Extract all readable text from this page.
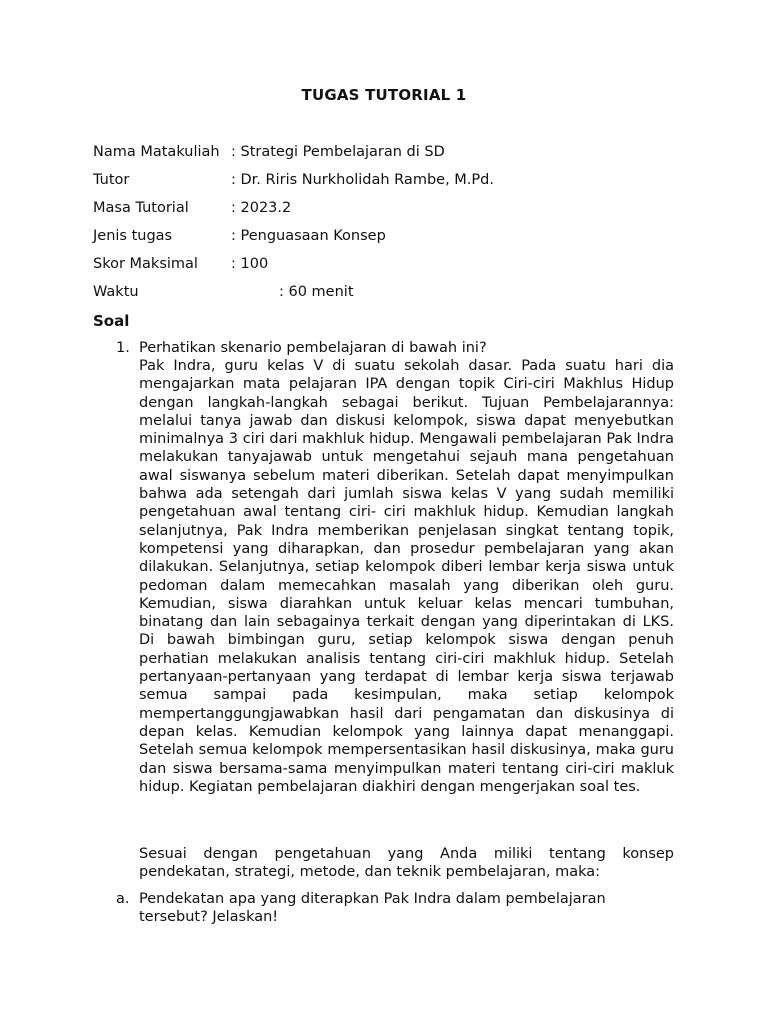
TUGAS TUTORIAL 1
Nama Matakuliah	: Strategi Pembelajaran di SD
Tutor	: Dr. Riris Nurkholidah Rambe, M.Pd.
Masa Tutorial	: 2023.2
Jenis tugas	: Penguasaan Konsep
Skor Maksimal	: 100
Waktu	: 60 menit
Soal
1. Perhatikan skenario pembelajaran di bawah ini?
Pak Indra, guru kelas V di suatu sekolah dasar. Pada suatu hari dia mengajarkan mata pelajaran IPA dengan topik Ciri-ciri Makhlus Hidup dengan langkah-langkah sebagai berikut. Tujuan Pembelajarannya: melalui tanya jawab dan diskusi kelompok, siswa dapat menyebutkan minimalnya 3 ciri dari makhluk hidup. Mengawali pembelajaran Pak Indra melakukan tanyajawab untuk mengetahui sejauh mana pengetahuan awal siswanya sebelum materi diberikan. Setelah dapat menyimpulkan bahwa ada setengah dari jumlah siswa kelas V yang sudah memiliki pengetahuan awal tentang ciri- ciri makhluk hidup. Kemudian langkah selanjutnya, Pak Indra memberikan penjelasan singkat tentang topik, kompetensi yang diharapkan, dan prosedur pembelajaran yang akan dilakukan. Selanjutnya, setiap kelompok diberi lembar kerja siswa untuk pedoman dalam memecahkan masalah yang diberikan oleh guru. Kemudian, siswa diarahkan untuk keluar kelas mencari tumbuhan, binatang dan lain sebagainya terkait dengan yang diperintakan di LKS. Di bawah bimbingan guru, setiap kelompok siswa dengan penuh perhatian melakukan analisis tentang ciri-ciri makhluk hidup. Setelah pertanyaan-pertanyaan yang terdapat di lembar kerja siswa terjawab semua sampai pada kesimpulan, maka setiap kelompok mempertanggungjawabkan hasil dari pengamatan dan diskusinya di depan kelas. Kemudian kelompok yang lainnya dapat menanggapi. Setelah semua kelompok mempersentasikan hasil diskusinya, maka guru dan siswa bersama-sama menyimpulkan materi tentang ciri-ciri makluk hidup. Kegiatan pembelajaran diakhiri dengan mengerjakan soal tes.
Sesuai dengan pengetahuan yang Anda miliki tentang konsep pendekatan, strategi, metode, dan teknik pembelajaran, maka:
a. Pendekatan apa yang diterapkan Pak Indra dalam pembelajaran tersebut? Jelaskan!
